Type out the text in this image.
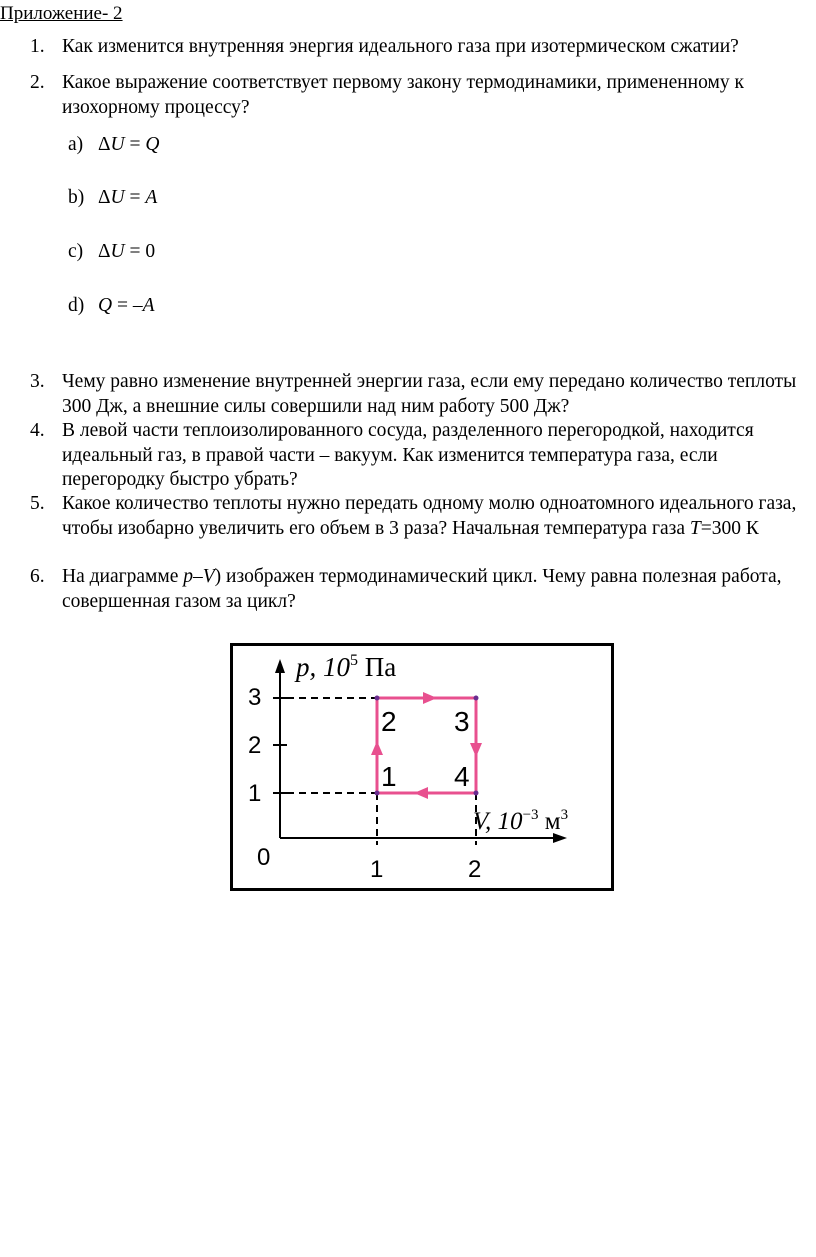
Приложение- 2
1. Как изменится внутренняя энергия идеального газа при изотермическом сжатии?
2. Какое выражение соответствует первому закону термодинамики, примененному к изохорному процессу?
a) ΔU = Q
b) ΔU = A
c) ΔU = 0
d) Q = –A
3. Чему равно изменение внутренней энергии газа, если ему передано количество теплоты 300 Дж, а внешние силы совершили над ним работу 500 Дж?
4. В левой части теплоизолированного сосуда, разделенного перегородкой, находится идеальный газ, в правой части – вакуум. Как изменится температура газа, если перегородку быстро убрать?
5. Какое количество теплоты нужно передать одному молю одноатомного идеального газа, чтобы изобарно увеличить его объем в 3 раза? Начальная температура газа T=300 К
6. На диаграмме p–V) изображен термодинамический цикл. Чему равна полезная работа, совершенная газом за цикл?
2 3
1 4
3
2
1
0	1	2
p, $10^5$ Па
V, $10^{-3}$ $м^3$
